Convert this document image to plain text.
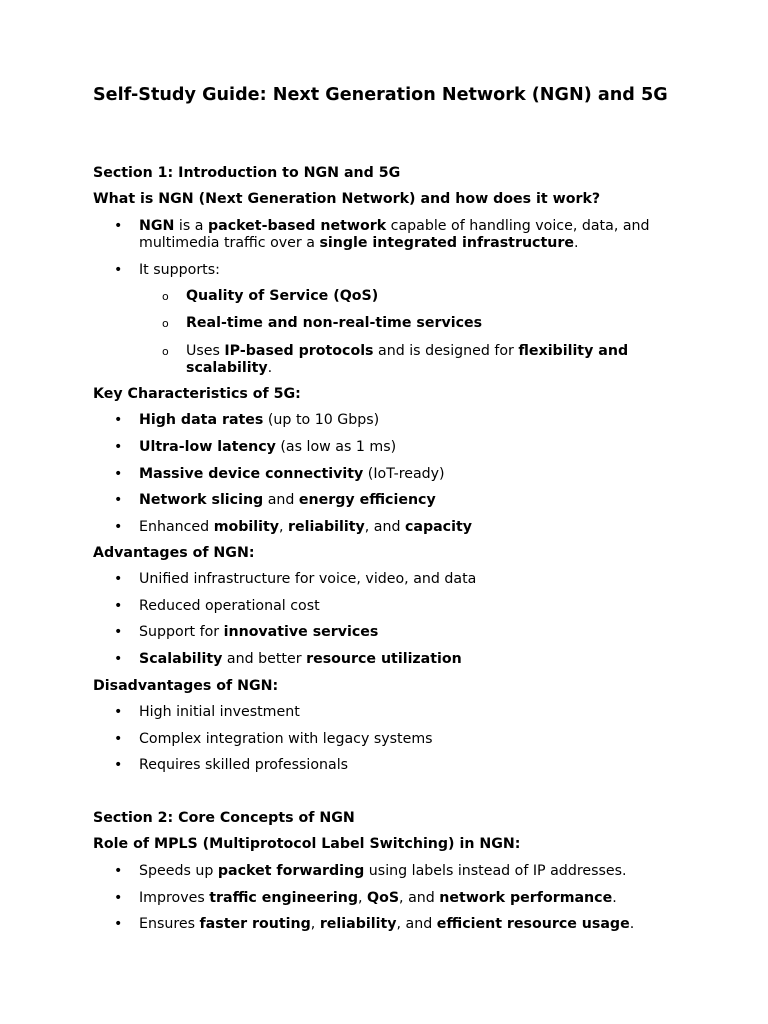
Self-Study Guide: Next Generation Network (NGN) and 5G

Section 1: Introduction to NGN and 5G

What is NGN (Next Generation Network) and how does it work?

• NGN is a packet-based network capable of handling voice, data, and multimedia traffic over a single integrated infrastructure.
• It supports:
o	Quality of Service (QoS)
o	Real-time and non-real-time services
o	Uses IP-based protocols and is designed for flexibility and scalability.

Key Characteristics of 5G:

• High data rates (up to 10 Gbps)
• Ultra-low latency (as low as 1 ms)
• Massive device connectivity (IoT-ready)
• Network slicing and energy efficiency
• Enhanced mobility, reliability, and capacity

Advantages of NGN:

• Unified infrastructure for voice, video, and data
• Reduced operational cost
• Support for innovative services
• Scalability and better resource utilization

Disadvantages of NGN:

• High initial investment
• Complex integration with legacy systems
• Requires skilled professionals

Section 2: Core Concepts of NGN

Role of MPLS (Multiprotocol Label Switching) in NGN:

• Speeds up packet forwarding using labels instead of IP addresses.
• Improves traffic engineering, QoS, and network performance.
• Ensures faster routing, reliability, and efficient resource usage.
